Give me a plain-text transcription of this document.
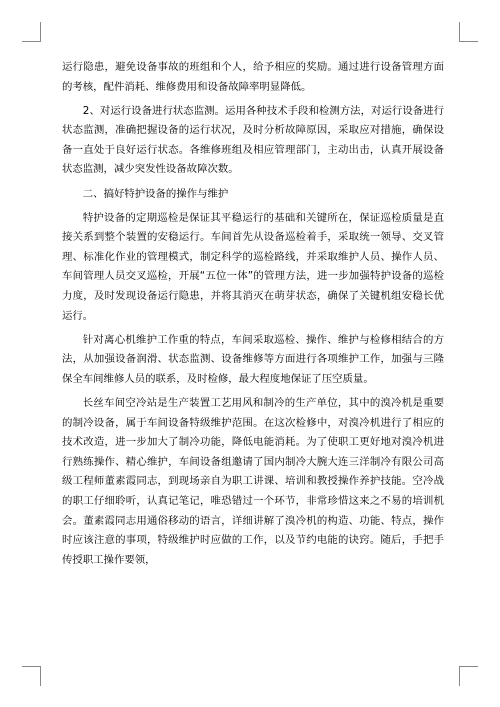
运行隐患，避免设备事故的班组和个人，给予相应的奖励。通过进行设备管理方面的考核，配件消耗、维修费用和设备故障率明显降低。

2、对运行设备进行状态监测。运用各种技术手段和检测方法，对运行设备进行状态监测，准确把握设备的运行状况，及时分析故障原因，采取应对措施，确保设备一直处于良好运行状态。各维修班组及相应管理部门，主动出击，认真开展设备状态监测，减少突发性设备故障次数。

二、搞好特护设备的操作与维护

特护设备的定期巡检是保证其平稳运行的基础和关键所在，保证巡检质量是直接关系到整个装置的安稳运行。车间首先从设备巡检着手，采取统一领导、交叉管理、标准化作业的管理模式，制定科学的巡检路线，并采取维护人员、操作人员、车间管理人员交叉巡检，开展“五位一体”的管理方法，进一步加强特护设备的巡检力度，及时发现设备运行隐患，并将其消灭在萌芽状态，确保了关键机组安稳长优运行。

针对离心机维护工作重的特点，车间采取巡检、操作、维护与检修相结合的方法，从加强设备润滑、状态监测、设备维修等方面进行各项维护工作，加强与三隆保全车间维修人员的联系，及时检修，最大程度地保证了压空质量。

长丝车间空冷站是生产装置工艺用风和制冷的生产单位，其中的溴冷机是重要的制冷设备，属于车间设备特级维护范围。在这次检修中，对溴冷机进行了相应的技术改造，进一步加大了制冷功能，降低电能消耗。为了使职工更好地对溴冷机进行熟练操作、精心维护，车间设备组邀请了国内制冷大腕大连三洋制冷有限公司高级工程师董素霞同志，到现场亲自为职工讲课、培训和教授操作养护技能。空冷战的职工仔细聆听，认真记笔记，唯恐错过一个环节，非常珍惜这来之不易的培训机会。董素霞同志用通俗移动的语言，详细讲解了溴冷机的构造、功能、特点，操作时应该注意的事项，特级维护时应做的工作，以及节约电能的诀窍。随后，手把手传授职工操作要领，
